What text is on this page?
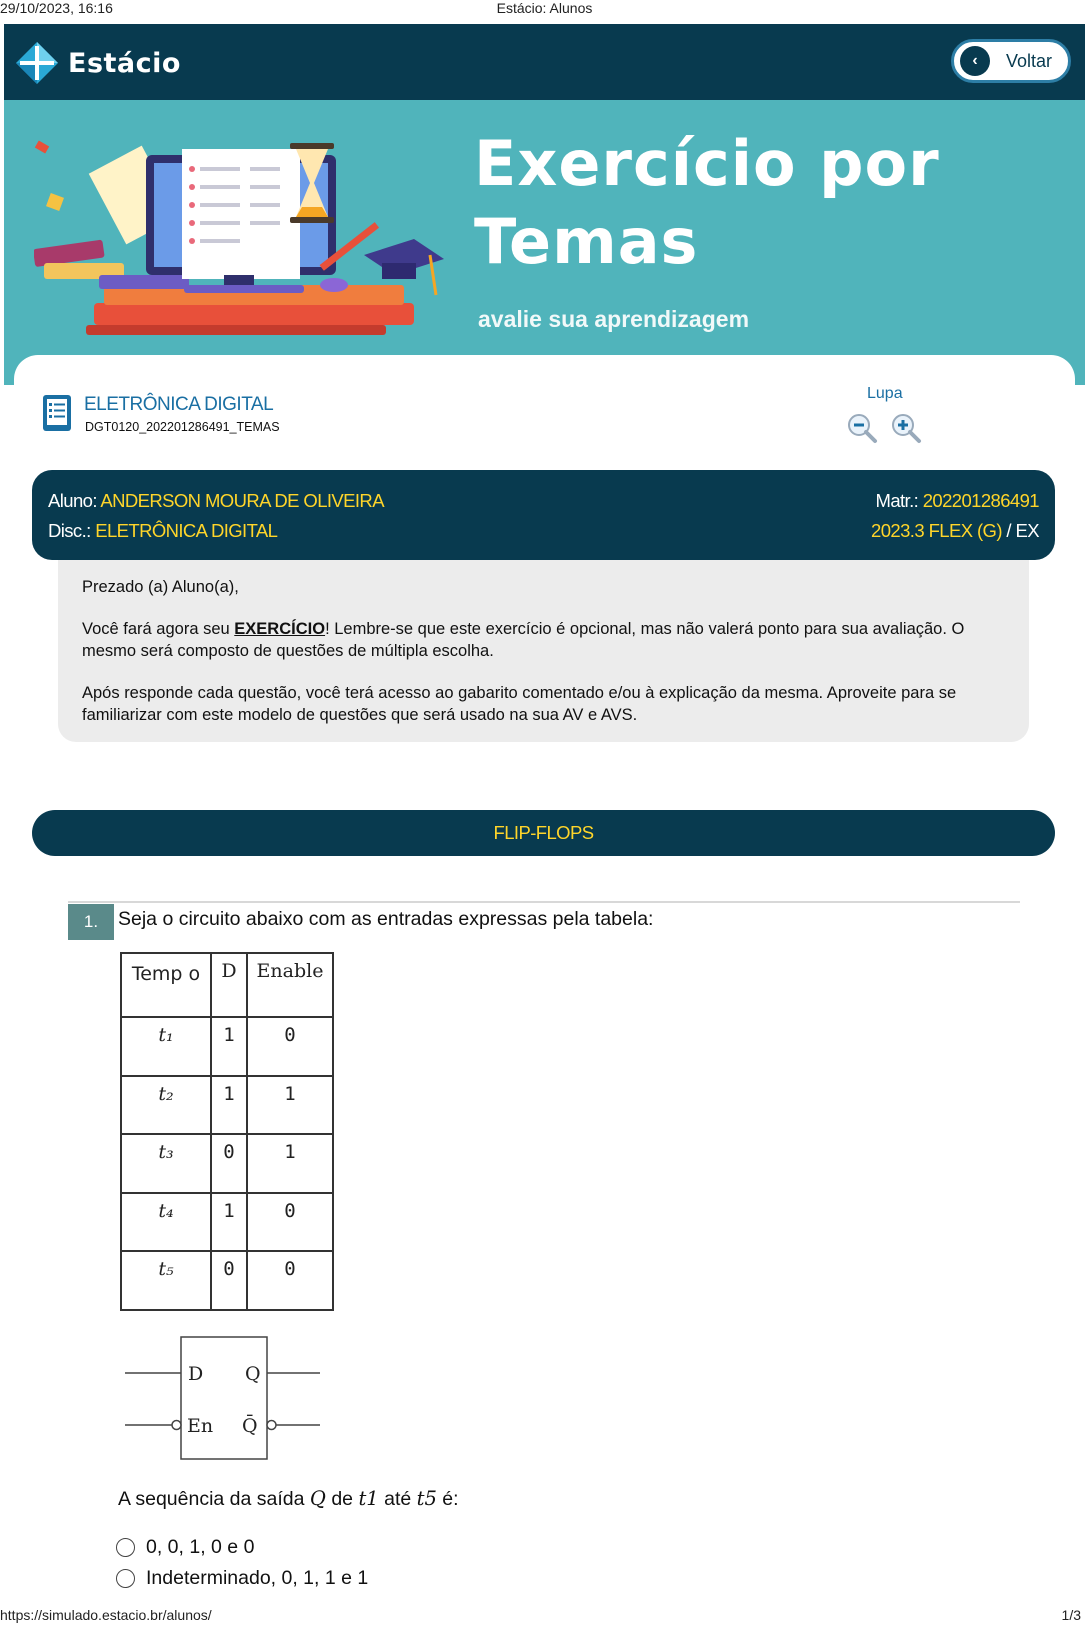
29/10/2023, 16:16	Estácio: Alunos
Estácio	‹	Voltar
Exercício por
Temas
avalie sua aprendizagem
ELETRÔNICA DIGITAL
DGT0120_202201286491_TEMAS
Lupa
Aluno: ANDERSON MOURA DE OLIVEIRA
Disc.: ELETRÔNICA DIGITAL
Matr.: 202201286491
2023.3 FLEX (G) / EX

Prezado (a) Aluno(a),

Você fará agora seu EXERCÍCIO! Lembre-se que este exercício é opcional, mas não valerá ponto para sua avaliação. O mesmo será composto de questões de múltipla escolha.

Após responde cada questão, você terá acesso ao gabarito comentado e/ou à explicação da mesma. Aproveite para se familiarizar com este modelo de questões que será usado na sua AV e AVS.

FLIP-FLOPS
1.	Seja o circuito abaixo com as entradas expressas pela tabela:
Temp o	D	Enable
t₁	1	0
t₂	1	1
t₃	0	1
t₄	1	0
t₅	0	0
D
En
Q
Q̄
A sequência da saída Q de t1 até t5 é:
0, 0, 1, 0 e 0
Indeterminado, 0, 1, 1 e 1
https://simulado.estacio.br/alunos/	1/3
